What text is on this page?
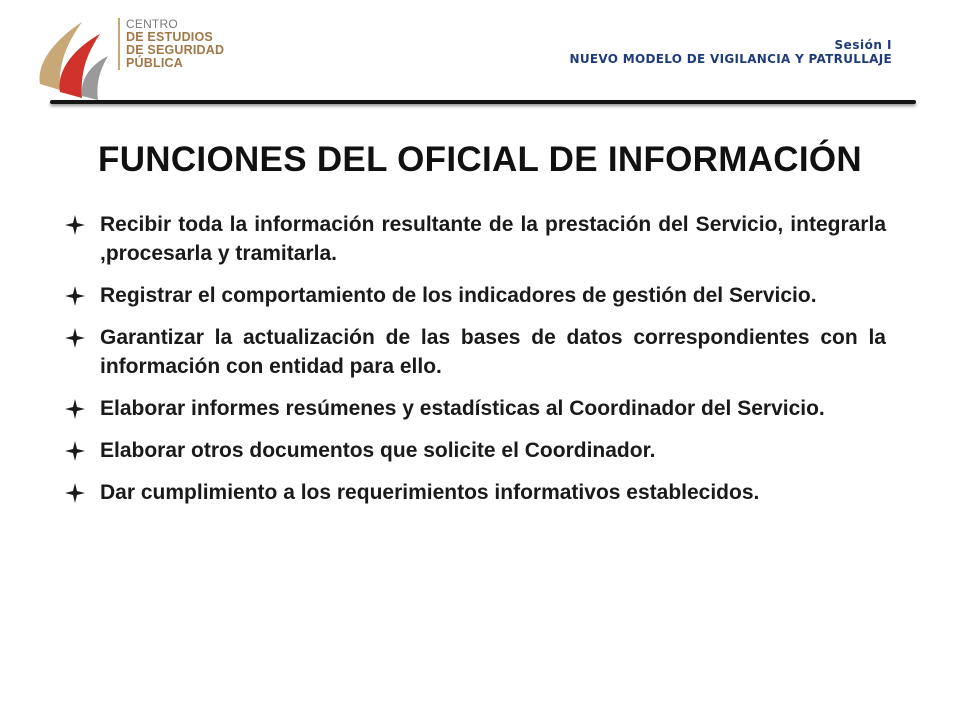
CENTRO
DE ESTUDIOS
DE SEGURIDAD
PÚBLICA
Sesión I
NUEVO MODELO DE VIGILANCIA Y PATRULLAJE
FUNCIONES DEL OFICIAL DE INFORMACIÓN
Recibir toda la información resultante de la prestación del Servicio, integrarla ,procesarla y tramitarla.
Registrar el comportamiento de los indicadores de gestión del Servicio.
Garantizar la actualización de las bases de datos correspondientes con la información con entidad para ello.
Elaborar informes resúmenes y estadísticas al Coordinador del Servicio.
Elaborar otros documentos que solicite el Coordinador.
Dar cumplimiento a los requerimientos informativos establecidos.
